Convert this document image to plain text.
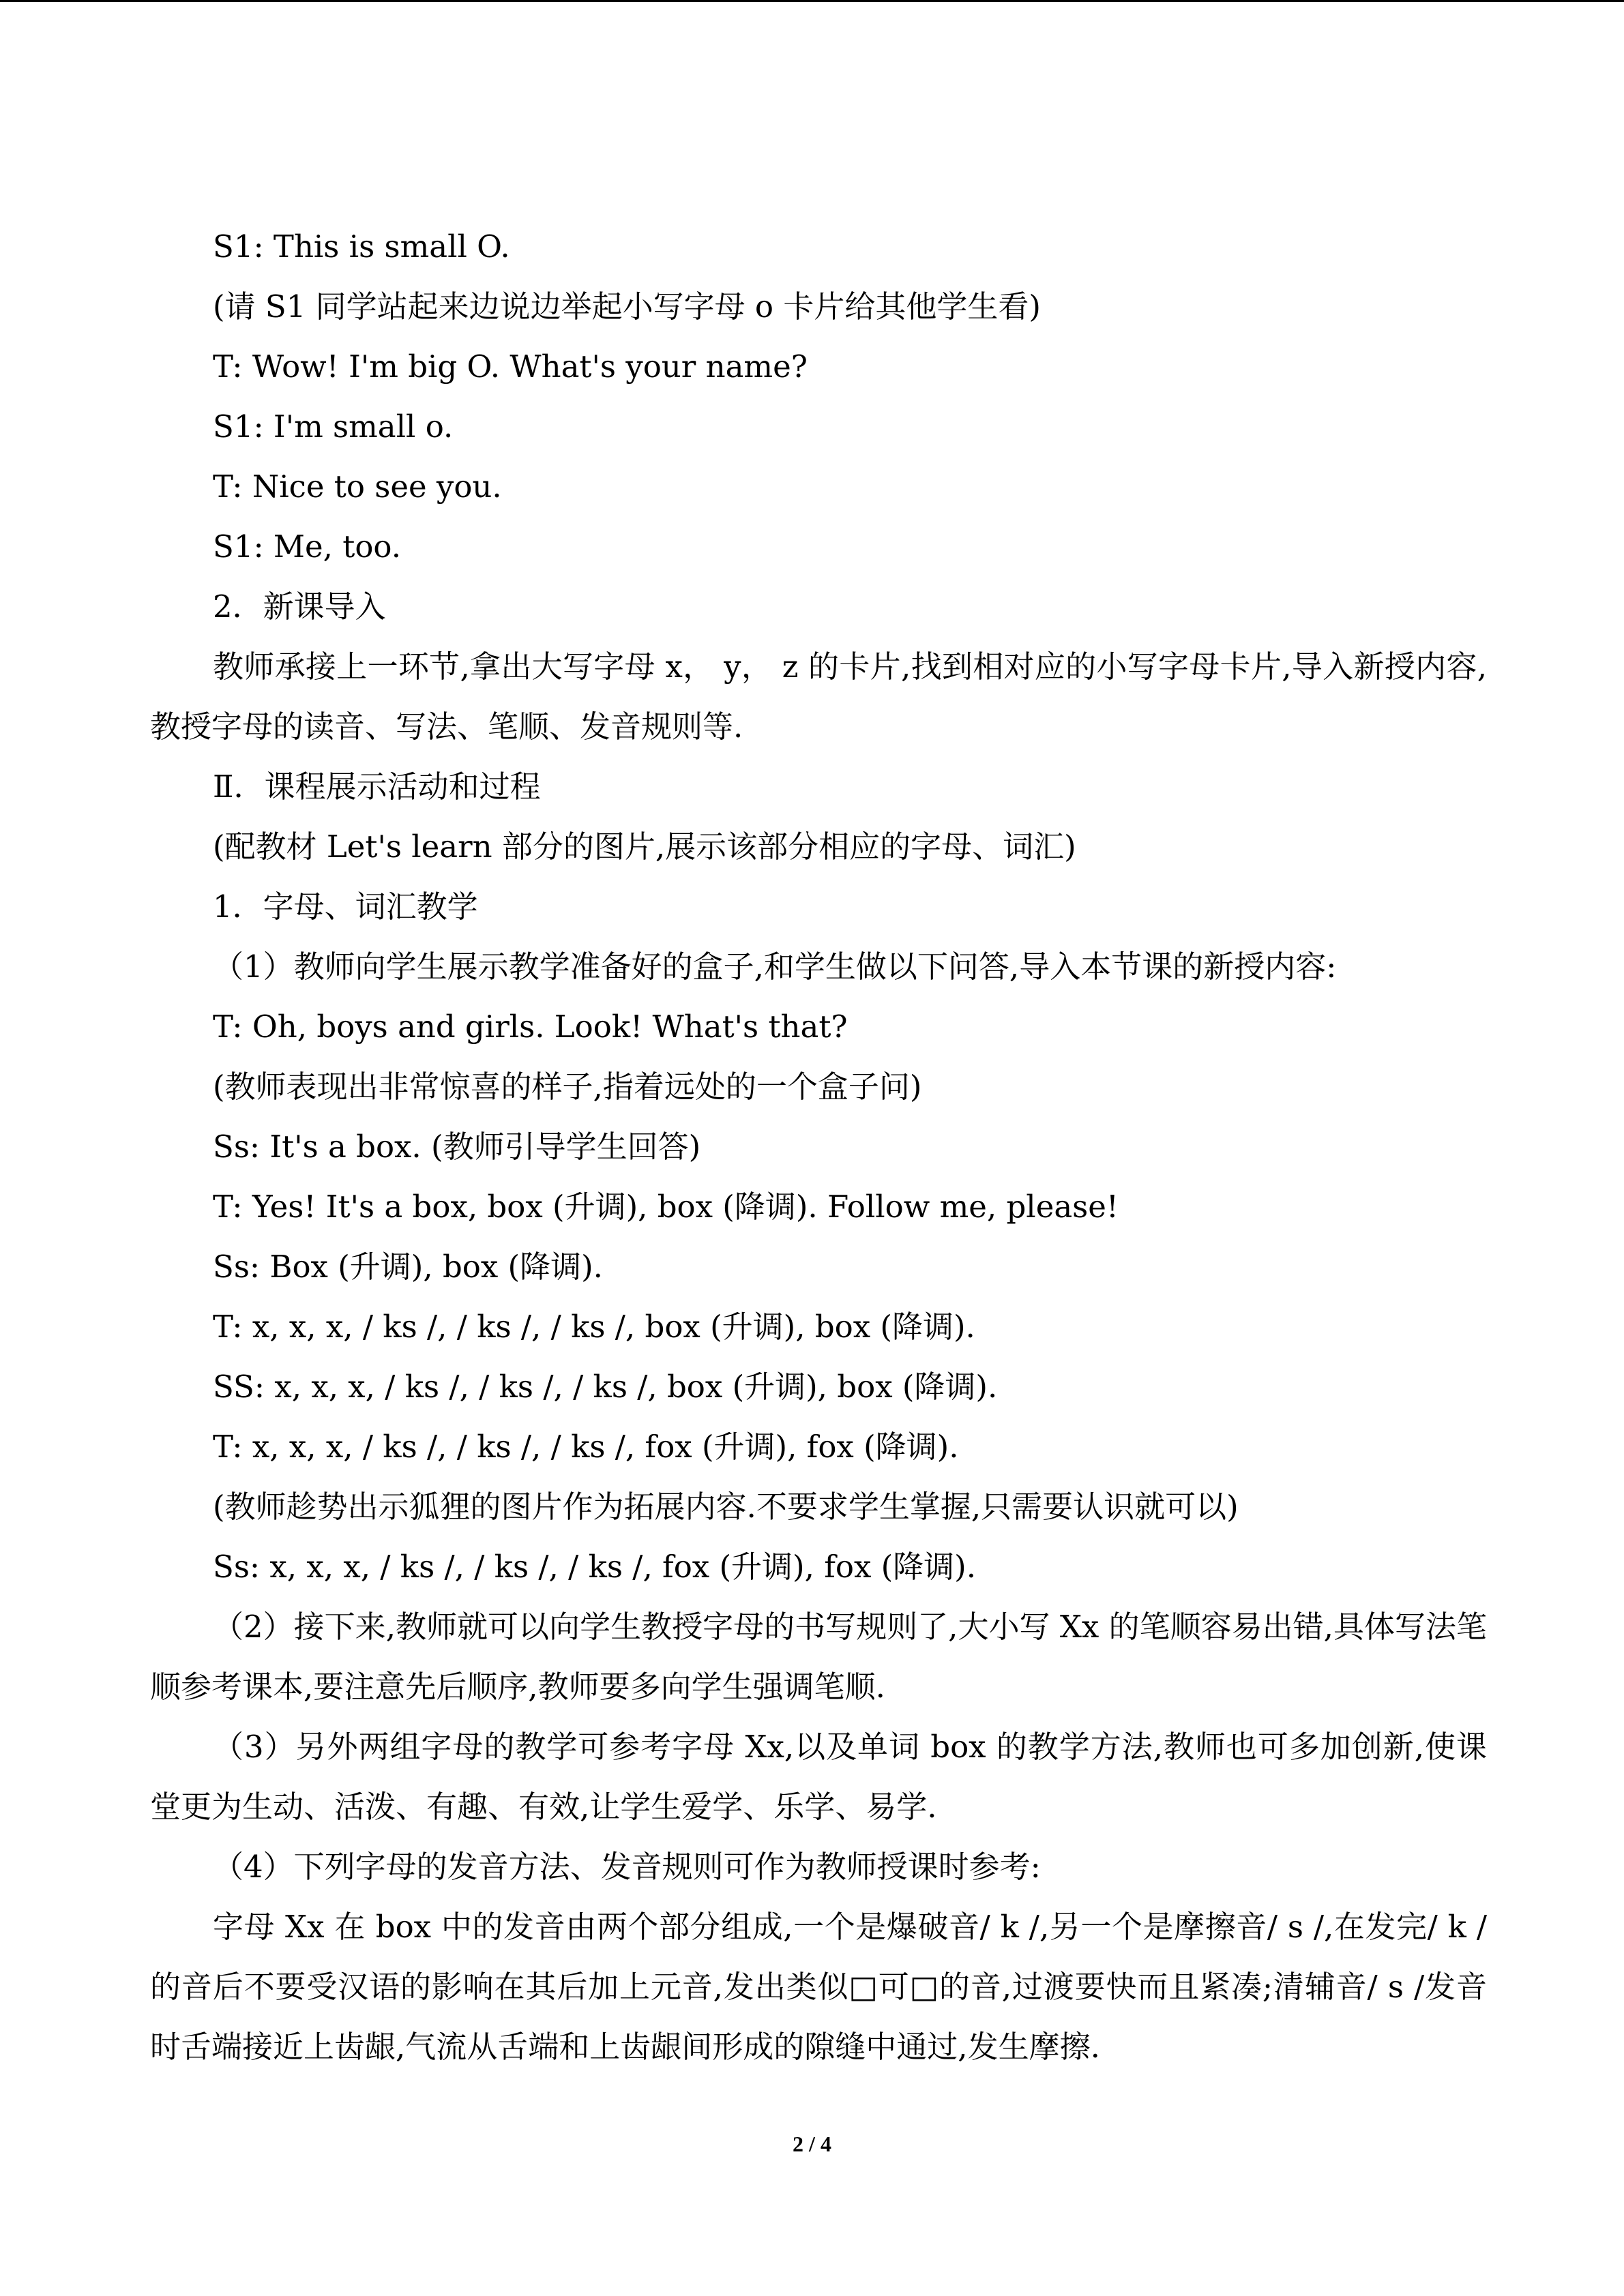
S1: This is small O.
(请 S1 同学站起来边说边举起小写字母 o 卡片给其他学生看)
T: Wow! I'm big O. What's your name?
S1: I'm small o.
T: Nice to see you.
S1: Me, too.
2．新课导入
教师承接上一环节,拿出大写字母 x， y， z 的卡片,找到相对应的小写字母卡片,导入新授内容,教授字母的读音、写法、笔顺、发音规则等.
Ⅱ．课程展示活动和过程
(配教材 Let's learn 部分的图片,展示该部分相应的字母、词汇)
1．字母、词汇教学
（1）教师向学生展示教学准备好的盒子,和学生做以下问答,导入本节课的新授内容:
T: Oh, boys and girls. Look! What's that?
(教师表现出非常惊喜的样子,指着远处的一个盒子问)
Ss: It's a box. (教师引导学生回答)
T: Yes! It's a box, box (升调), box (降调). Follow me, please!
Ss: Box (升调), box (降调).
T: x, x, x, / ks /, / ks /, / ks /, box (升调), box (降调).
SS: x, x, x, / ks /, / ks /, / ks /, box (升调), box (降调).
T: x, x, x, / ks /, / ks /, / ks /, fox (升调), fox (降调).
(教师趁势出示狐狸的图片作为拓展内容.不要求学生掌握,只需要认识就可以)
Ss: x, x, x, / ks /, / ks /, / ks /, fox (升调), fox (降调).
（2）接下来,教师就可以向学生教授字母的书写规则了,大小写 Xx 的笔顺容易出错,具体写法笔顺参考课本,要注意先后顺序,教师要多向学生强调笔顺.
（3）另外两组字母的教学可参考字母 Xx,以及单词 box 的教学方法,教师也可多加创新,使课堂更为生动、活泼、有趣、有效,让学生爱学、乐学、易学.
（4）下列字母的发音方法、发音规则可作为教师授课时参考:
字母 Xx 在 box 中的发音由两个部分组成,一个是爆破音/ k /,另一个是摩擦音/ s /,在发完/ k /的音后不要受汉语的影响在其后加上元音,发出类似□可□的音,过渡要快而且紧凑;清辅音/ s /发音时舌端接近上齿龈,气流从舌端和上齿龈间形成的隙缝中通过,发生摩擦.
2 / 4
